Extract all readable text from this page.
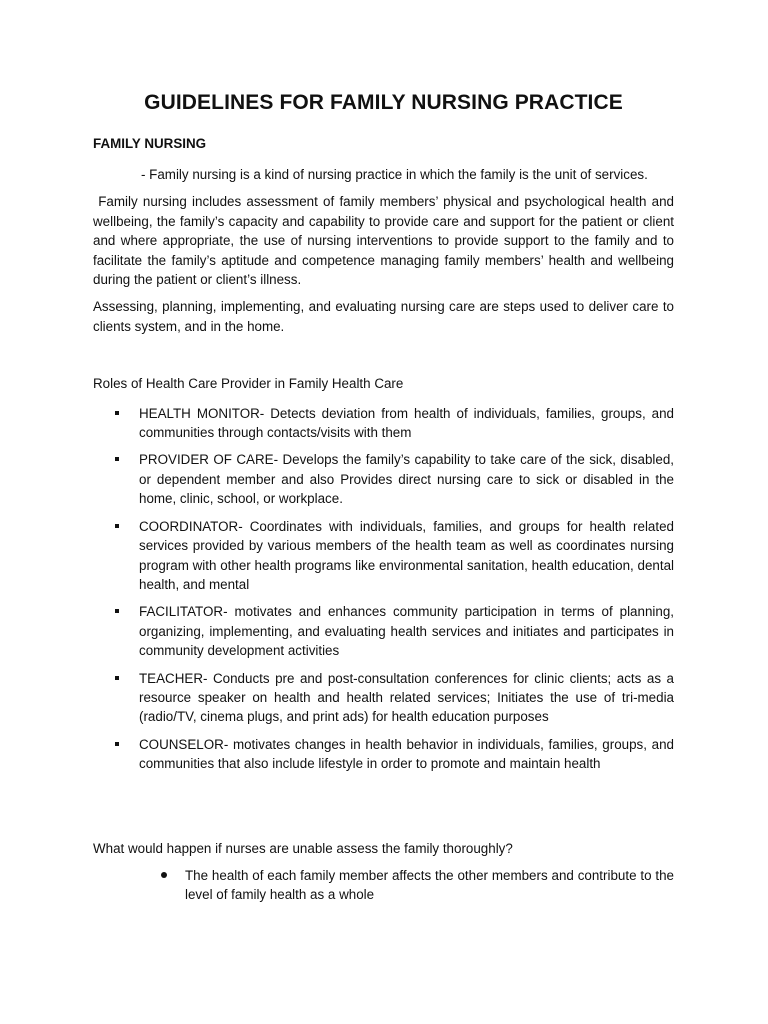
GUIDELINES FOR FAMILY NURSING PRACTICE
FAMILY NURSING

- Family nursing is a kind of nursing practice in which the family is the unit of services.

Family nursing includes assessment of family members’ physical and psychological health and wellbeing, the family’s capacity and capability to provide care and support for the patient or client and where appropriate, the use of nursing interventions to provide support to the family and to facilitate the family’s aptitude and competence managing family members’ health and wellbeing during the patient or client’s illness.

Assessing, planning, implementing, and evaluating nursing care are steps used to deliver care to clients system, and in the home.

Roles of Health Care Provider in Family Health Care

HEALTH MONITOR- Detects deviation from health of individuals, families, groups, and communities through contacts/visits with them
PROVIDER OF CARE- Develops the family’s capability to take care of the sick, disabled, or dependent member and also Provides direct nursing care to sick or disabled in the home, clinic, school, or workplace.
COORDINATOR- Coordinates with individuals, families, and groups for health related services provided by various members of the health team as well as coordinates nursing program with other health programs like environmental sanitation, health education, dental health, and mental
FACILITATOR- motivates and enhances community participation in terms of planning, organizing, implementing, and evaluating health services and initiates and participates in community development activities
TEACHER- Conducts pre and post-consultation conferences for clinic clients; acts as a resource speaker on health and health related services; Initiates the use of tri-media (radio/TV, cinema plugs, and print ads) for health education purposes
COUNSELOR- motivates changes in health behavior in individuals, families, groups, and communities that also include lifestyle in order to promote and maintain health

What would happen if nurses are unable assess the family thoroughly?

The health of each family member affects the other members and contribute to the level of family health as a whole
